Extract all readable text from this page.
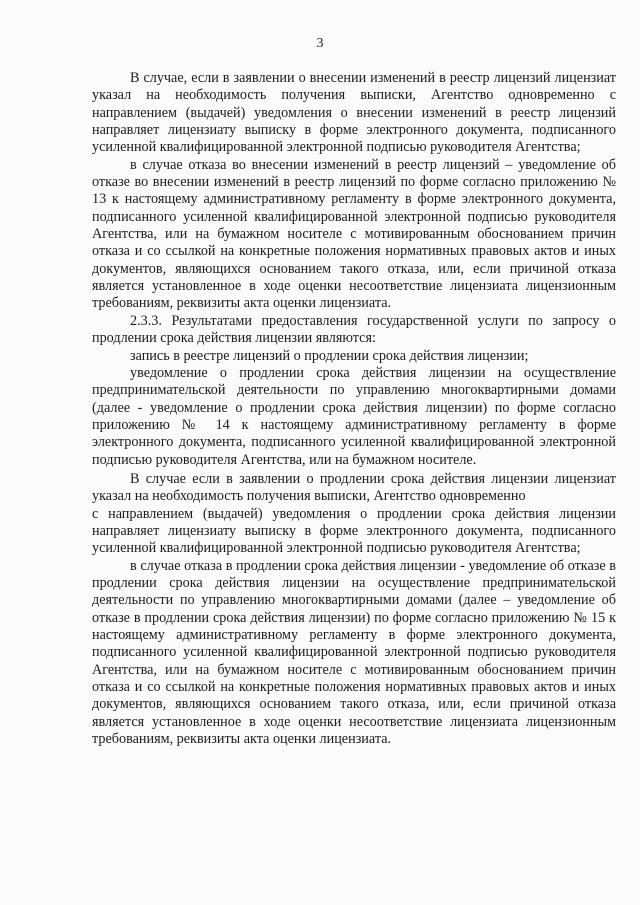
3

В случае, если в заявлении о внесении изменений в реестр лицензий лицензиат указал на необходимость получения выписки, Агентство одновременно с направлением (выдачей) уведомления о внесении изменений в реестр лицензий направляет лицензиату выписку в форме электронного документа, подписанного усиленной квалифицированной электронной подписью руководителя Агентства;

в случае отказа во внесении изменений в реестр лицензий – уведомление об отказе во внесении изменений в реестр лицензий по форме согласно приложению № 13 к настоящему административному регламенту в форме электронного документа, подписанного усиленной квалифицированной электронной подписью руководителя Агентства, или на бумажном носителе с мотивированным обоснованием причин отказа и со ссылкой на конкретные положения нормативных правовых актов и иных документов, являющихся основанием такого отказа, или, если причиной отказа является установленное в ходе оценки несоответствие лицензиата лицензионным требованиям, реквизиты акта оценки лицензиата.

2.3.3. Результатами предоставления государственной услуги по запросу о продлении срока действия лицензии являются:

запись в реестре лицензий о продлении срока действия лицензии;

уведомление о продлении срока действия лицензии на осуществление предпринимательской деятельности по управлению многоквартирными домами (далее - уведомление о продлении срока действия лицензии) по форме согласно приложению № 14 к настоящему административному регламенту в форме электронного документа, подписанного усиленной квалифицированной электронной подписью руководителя Агентства, или на бумажном носителе.

В случае если в заявлении о продлении срока действия лицензии лицензиат указал на необходимость получения выписки, Агентство одновременно

с направлением (выдачей) уведомления о продлении срока действия лицензии направляет лицензиату выписку в форме электронного документа, подписанного усиленной квалифицированной электронной подписью руководителя Агентства;

в случае отказа в продлении срока действия лицензии - уведомление об отказе в продлении срока действия лицензии на осуществление предпринимательской деятельности по управлению многоквартирными домами (далее – уведомление об отказе в продлении срока действия лицензии) по форме согласно приложению № 15 к настоящему административному регламенту в форме электронного документа, подписанного усиленной квалифицированной электронной подписью руководителя Агентства, или на бумажном носителе с мотивированным обоснованием причин отказа и со ссылкой на конкретные положения нормативных правовых актов и иных документов, являющихся основанием такого отказа, или, если причиной отказа является установленное в ходе оценки несоответствие лицензиата лицензионным требованиям, реквизиты акта оценки лицензиата.
